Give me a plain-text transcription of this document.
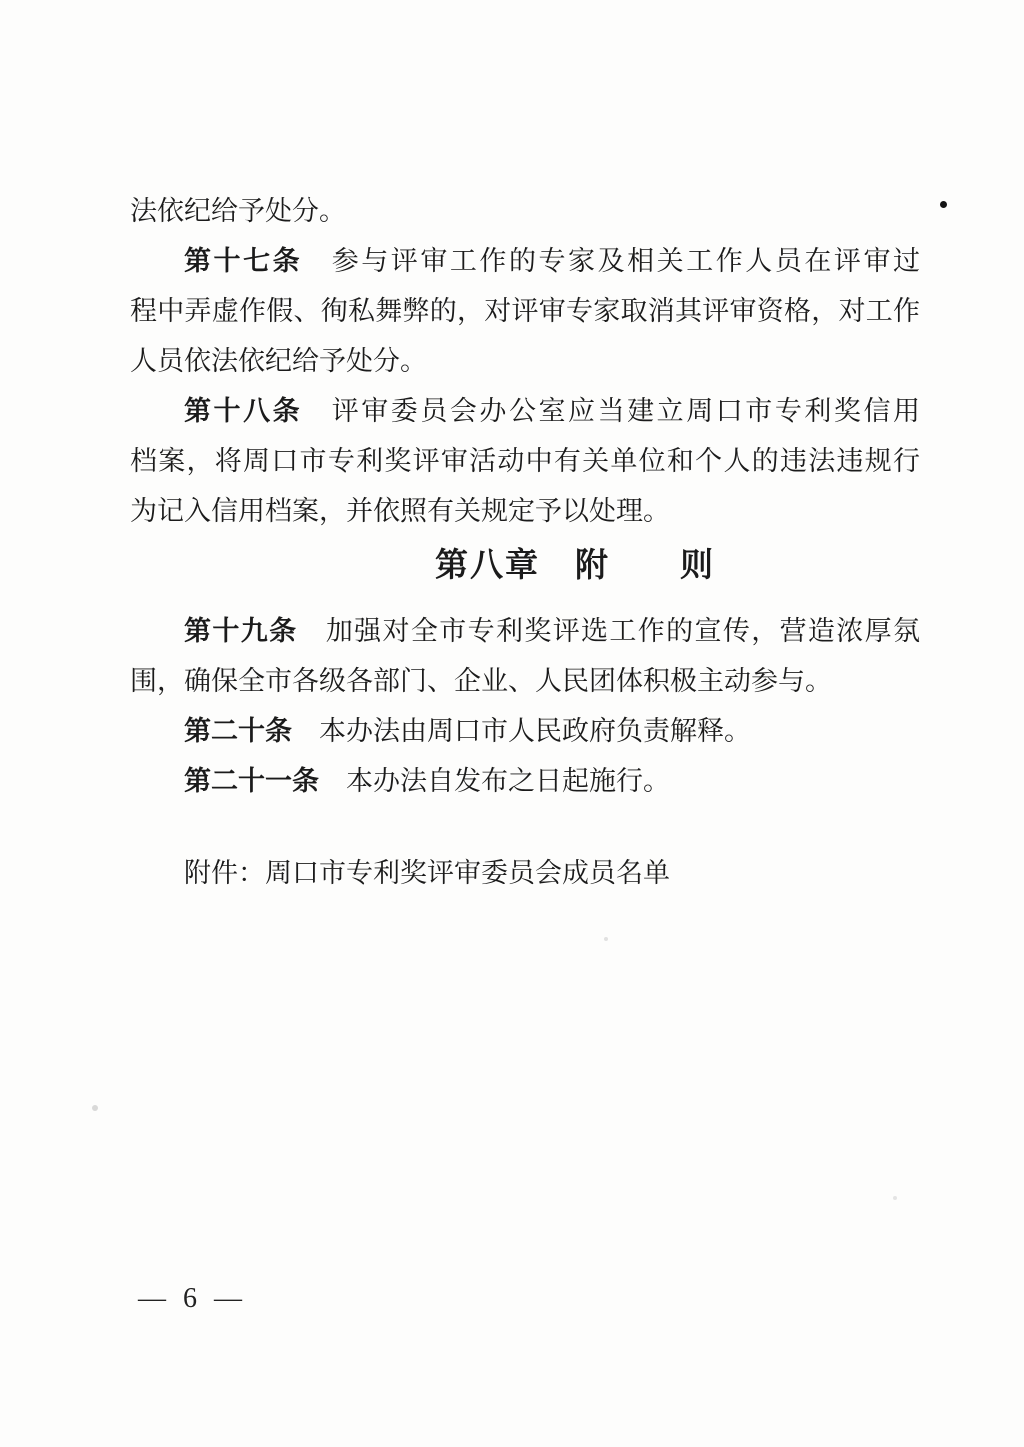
法依纪给予处分。
第十七条　参与评审工作的专家及相关工作人员在评审过
程中弄虚作假、徇私舞弊的，对评审专家取消其评审资格，对工作
人员依法依纪给予处分。
第十八条　评审委员会办公室应当建立周口市专利奖信用
档案，将周口市专利奖评审活动中有关单位和个人的违法违规行
为记入信用档案，并依照有关规定予以处理。
第八章　附　　则
第十九条　加强对全市专利奖评选工作的宣传，营造浓厚氛
围，确保全市各级各部门、企业、人民团体积极主动参与。
第二十条　本办法由周口市人民政府负责解释。
第二十一条　本办法自发布之日起施行。
附件：周口市专利奖评审委员会成员名单
— 6 —
